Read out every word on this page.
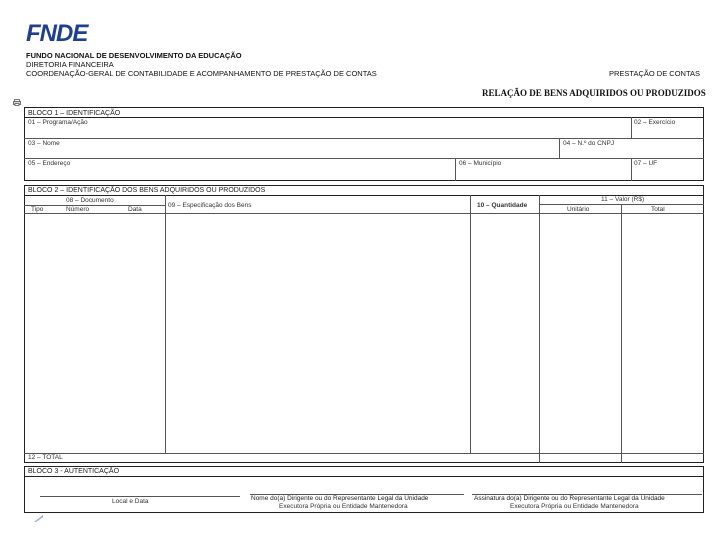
FNDE
FUNDO NACIONAL DE DESENVOLVIMENTO DA EDUCAÇÃO
DIRETORIA FINANCEIRA
COORDENAÇÃO-GERAL DE CONTABILIDADE E ACOMPANHAMENTO DE PRESTAÇÃO DE CONTAS	PRESTAÇÃO DE CONTAS
RELAÇÃO DE BENS ADQUIRIDOS OU PRODUZIDOS
BLOCO 1 – IDENTIFICAÇÃO
01 – Programa/Ação	02 – Exercício
03 – Nome	04 – N.º do CNPJ
05 – Endereço	06 – Município	07 – UF
BLOCO 2 – IDENTIFICAÇÃO DOS BENS ADQUIRIDOS OU PRODUZIDOS
08 – Documento
Tipo	Número	Data
09 – Especificação dos Bens	10 – Quantidade
11 – Valor (R$)
Unitário	Total
12 – TOTAL
BLOCO 3 - AUTENTICAÇÃO
Local e Data	Nome do(a) Dirigente ou do Representante Legal da Unidade
Executora Própria ou Entidade Mantenedora
Assinatura do(a) Dirigente ou do Representante Legal da Unidade
Executora Própria ou Entidade Mantenedora
